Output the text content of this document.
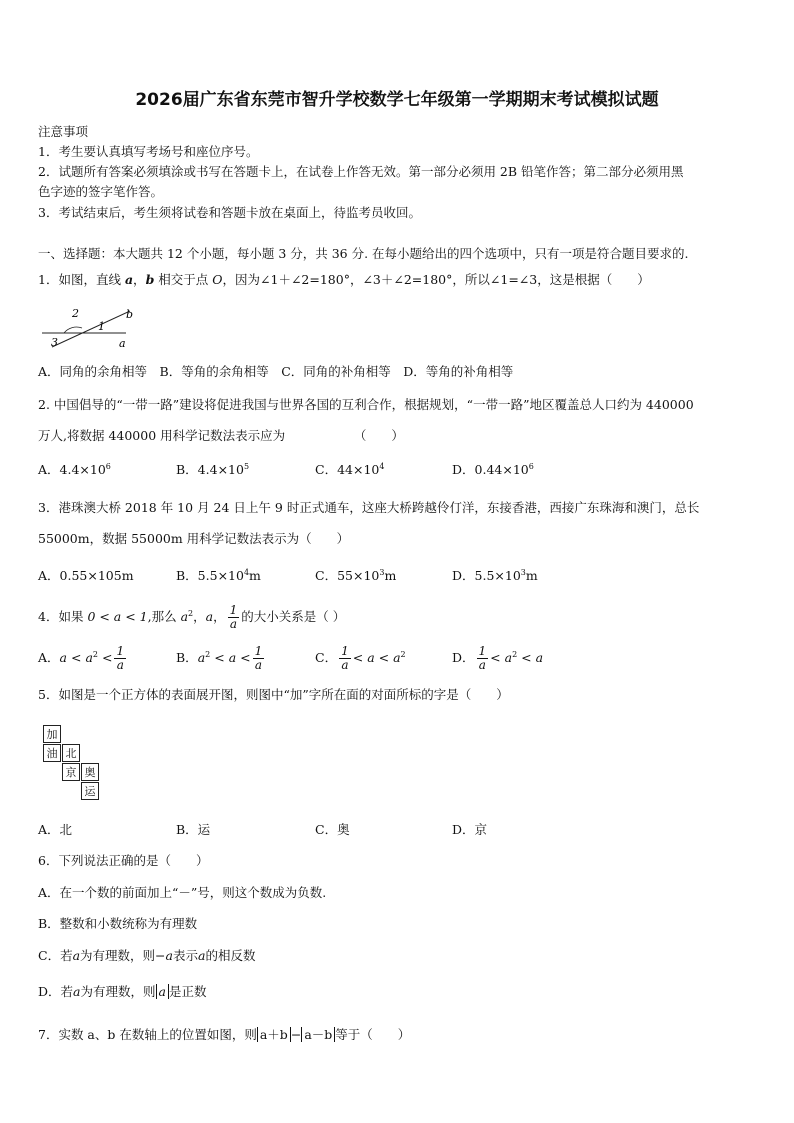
2026届广东省东莞市智升学校数学七年级第一学期期末考试模拟试题
注意事项
1．考生要认真填写考场号和座位序号。
2．试题所有答案必须填涂或书写在答题卡上，在试卷上作答无效。第一部分必须用 2B 铅笔作答；第二部分必须用黑
色字迹的签字笔作答。
3．考试结束后，考生须将试卷和答题卡放在桌面上，待监考员收回。
一、选择题：本大题共 12 个小题，每小题 3 分，共 36 分. 在每小题给出的四个选项中，只有一项是符合题目要求的.
1．如图，直线 a，b 相交于点 O，因为∠1＋∠2=180°，∠3＋∠2=180°，所以∠1=∠3，这是根据（　　）
2
1
3
b
a
A．同角的余角相等　B．等角的余角相等　C．同角的补角相等　D．等角的补角相等
2. 中国倡导的“一带一路”建设将促进我国与世界各国的互利合作，根据规划，“一带一路”地区覆盖总人口约为 440000
万人,将数据 440000 用科学记数法表示应为　　　　　　（　　）
A．$4.4\times 10^6$	B．$4.4\times 10^5$	C．$44\times 10^4$	D．$0.44\times 10^6$
3．港珠澳大桥 2018 年 10 月 24 日上午 9 时正式通车，这座大桥跨越伶仃洋，东接香港，西接广东珠海和澳门，总长
55000m，数据 55000m 用科学记数法表示为（　　）
A．0.55×105m	B．$5.5\times 10^4m$	C．$55\times 10^3m$	D．$5.5\times 10^3m$
4．如果 0 < a < 1,那么 $a^2$，a， $\frac{1}{a}$ 的大小关系是（ ）
A．$a < a^2 < \frac{1}{a}$	B．$a^2 < a < \frac{1}{a}$	C． $\frac{1}{a} < a < a^2$	D． $\frac{1}{a} < a^2 < a$
5．如图是一个正方体的表面展开图，则图中“加”字所在面的对面所标的字是（　　）
加
油 北
京 奥
运
A．北	B．运	C．奥	D．京
6．下列说法正确的是（　　）
A．在一个数的前面加上“－”号，则这个数成为负数.
B．整数和小数统称为有理数
C．若a为有理数，则−a表示a的相反数
D．若a为有理数，则 a 是正数
7．实数 a、b 在数轴上的位置如图，则 a＋b − a－b 等于（　　）
